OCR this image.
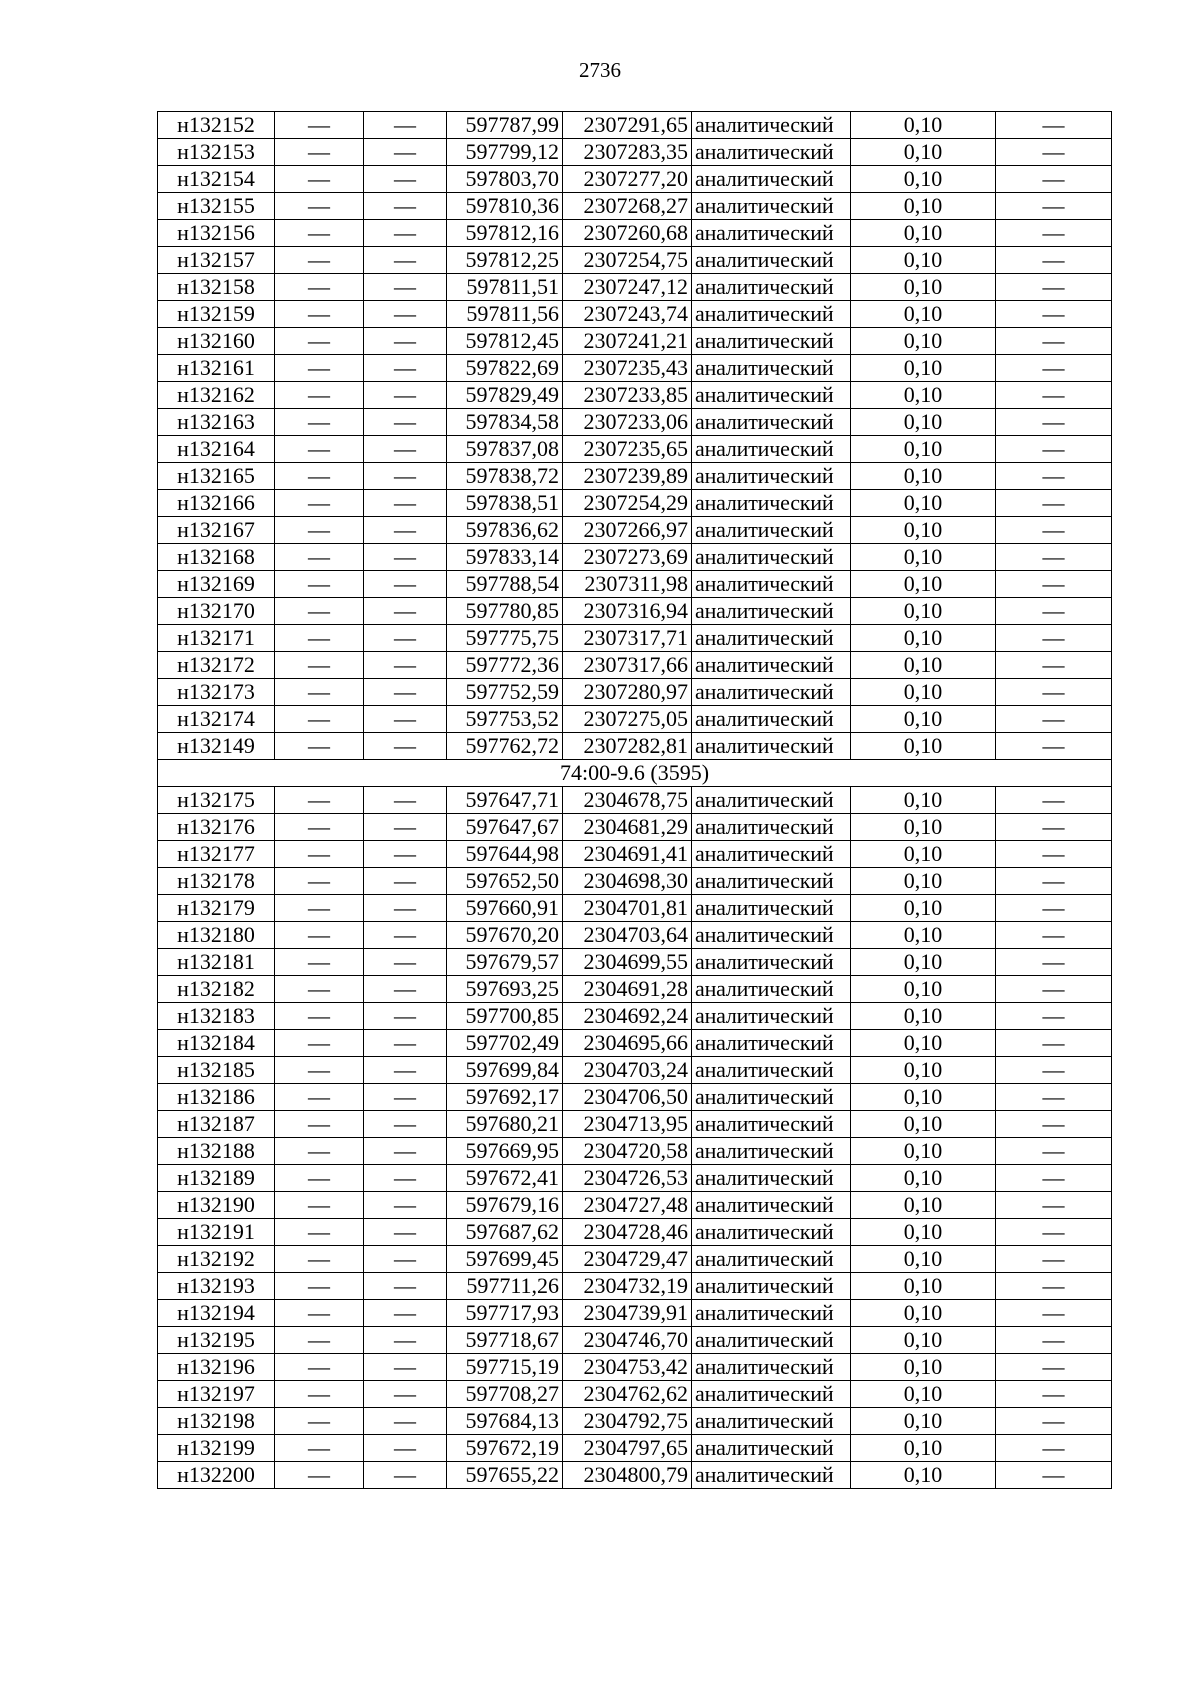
2736
н132152	—	—	597787,99	2307291,65	аналитический	0,10	—
н132153	—	—	597799,12	2307283,35	аналитический	0,10	—
н132154	—	—	597803,70	2307277,20	аналитический	0,10	—
н132155	—	—	597810,36	2307268,27	аналитический	0,10	—
н132156	—	—	597812,16	2307260,68	аналитический	0,10	—
н132157	—	—	597812,25	2307254,75	аналитический	0,10	—
н132158	—	—	597811,51	2307247,12	аналитический	0,10	—
н132159	—	—	597811,56	2307243,74	аналитический	0,10	—
н132160	—	—	597812,45	2307241,21	аналитический	0,10	—
н132161	—	—	597822,69	2307235,43	аналитический	0,10	—
н132162	—	—	597829,49	2307233,85	аналитический	0,10	—
н132163	—	—	597834,58	2307233,06	аналитический	0,10	—
н132164	—	—	597837,08	2307235,65	аналитический	0,10	—
н132165	—	—	597838,72	2307239,89	аналитический	0,10	—
н132166	—	—	597838,51	2307254,29	аналитический	0,10	—
н132167	—	—	597836,62	2307266,97	аналитический	0,10	—
н132168	—	—	597833,14	2307273,69	аналитический	0,10	—
н132169	—	—	597788,54	2307311,98	аналитический	0,10	—
н132170	—	—	597780,85	2307316,94	аналитический	0,10	—
н132171	—	—	597775,75	2307317,71	аналитический	0,10	—
н132172	—	—	597772,36	2307317,66	аналитический	0,10	—
н132173	—	—	597752,59	2307280,97	аналитический	0,10	—
н132174	—	—	597753,52	2307275,05	аналитический	0,10	—
н132149	—	—	597762,72	2307282,81	аналитический	0,10	—
74:00-9.6 (3595)							
н132175	—	—	597647,71	2304678,75	аналитический	0,10	—
н132176	—	—	597647,67	2304681,29	аналитический	0,10	—
н132177	—	—	597644,98	2304691,41	аналитический	0,10	—
н132178	—	—	597652,50	2304698,30	аналитический	0,10	—
н132179	—	—	597660,91	2304701,81	аналитический	0,10	—
н132180	—	—	597670,20	2304703,64	аналитический	0,10	—
н132181	—	—	597679,57	2304699,55	аналитический	0,10	—
н132182	—	—	597693,25	2304691,28	аналитический	0,10	—
н132183	—	—	597700,85	2304692,24	аналитический	0,10	—
н132184	—	—	597702,49	2304695,66	аналитический	0,10	—
н132185	—	—	597699,84	2304703,24	аналитический	0,10	—
н132186	—	—	597692,17	2304706,50	аналитический	0,10	—
н132187	—	—	597680,21	2304713,95	аналитический	0,10	—
н132188	—	—	597669,95	2304720,58	аналитический	0,10	—
н132189	—	—	597672,41	2304726,53	аналитический	0,10	—
н132190	—	—	597679,16	2304727,48	аналитический	0,10	—
н132191	—	—	597687,62	2304728,46	аналитический	0,10	—
н132192	—	—	597699,45	2304729,47	аналитический	0,10	—
н132193	—	—	597711,26	2304732,19	аналитический	0,10	—
н132194	—	—	597717,93	2304739,91	аналитический	0,10	—
н132195	—	—	597718,67	2304746,70	аналитический	0,10	—
н132196	—	—	597715,19	2304753,42	аналитический	0,10	—
н132197	—	—	597708,27	2304762,62	аналитический	0,10	—
н132198	—	—	597684,13	2304792,75	аналитический	0,10	—
н132199	—	—	597672,19	2304797,65	аналитический	0,10	—
н132200	—	—	597655,22	2304800,79	аналитический	0,10	—
